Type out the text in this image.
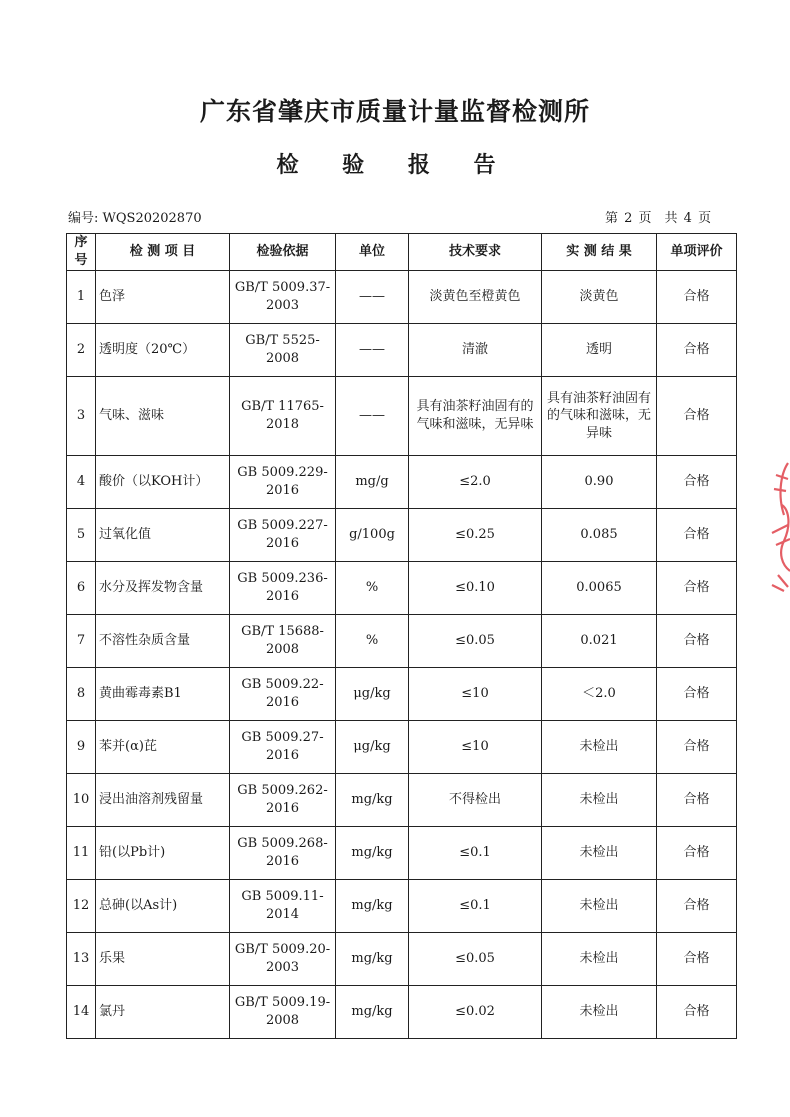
广东省肇庆市质量计量监督检测所
检 验 报 告
编号: WQS20202870	第 2 页　共 4 页
序
号	检 测 项 目	检验依据	单位	技术要求	实 测 结 果	单项评价
1	色泽	GB/T 5009.37-2003	——	淡黄色至橙黄色	淡黄色	合格
2	透明度（20℃）	GB/T 5525-2008	——	清澈	透明	合格
3	气味、滋味	GB/T 11765-2018	——	具有油茶籽油固有的气味和滋味，无异味	具有油茶籽油固有的气味和滋味，无异味	合格
4	酸价（以KOH计）	GB 5009.229-2016	mg/g	≤2.0	0.90	合格
5	过氧化值	GB 5009.227-2016	g/100g	≤0.25	0.085	合格
6	水分及挥发物含量	GB 5009.236-2016	%	≤0.10	0.0065	合格
7	不溶性杂质含量	GB/T 15688-2008	%	≤0.05	0.021	合格
8	黄曲霉毒素B1	GB 5009.22-2016	μg/kg	≤10	＜2.0	合格
9	苯并(α)芘	GB 5009.27-2016	μg/kg	≤10	未检出	合格
10	浸出油溶剂残留量	GB 5009.262-2016	mg/kg	不得检出	未检出	合格
11	铅(以Pb计)	GB 5009.268-2016	mg/kg	≤0.1	未检出	合格
12	总砷(以As计)	GB 5009.11-2014	mg/kg	≤0.1	未检出	合格
13	乐果	GB/T 5009.20-2003	mg/kg	≤0.05	未检出	合格
14	氯丹	GB/T 5009.19-2008	mg/kg	≤0.02	未检出	合格
